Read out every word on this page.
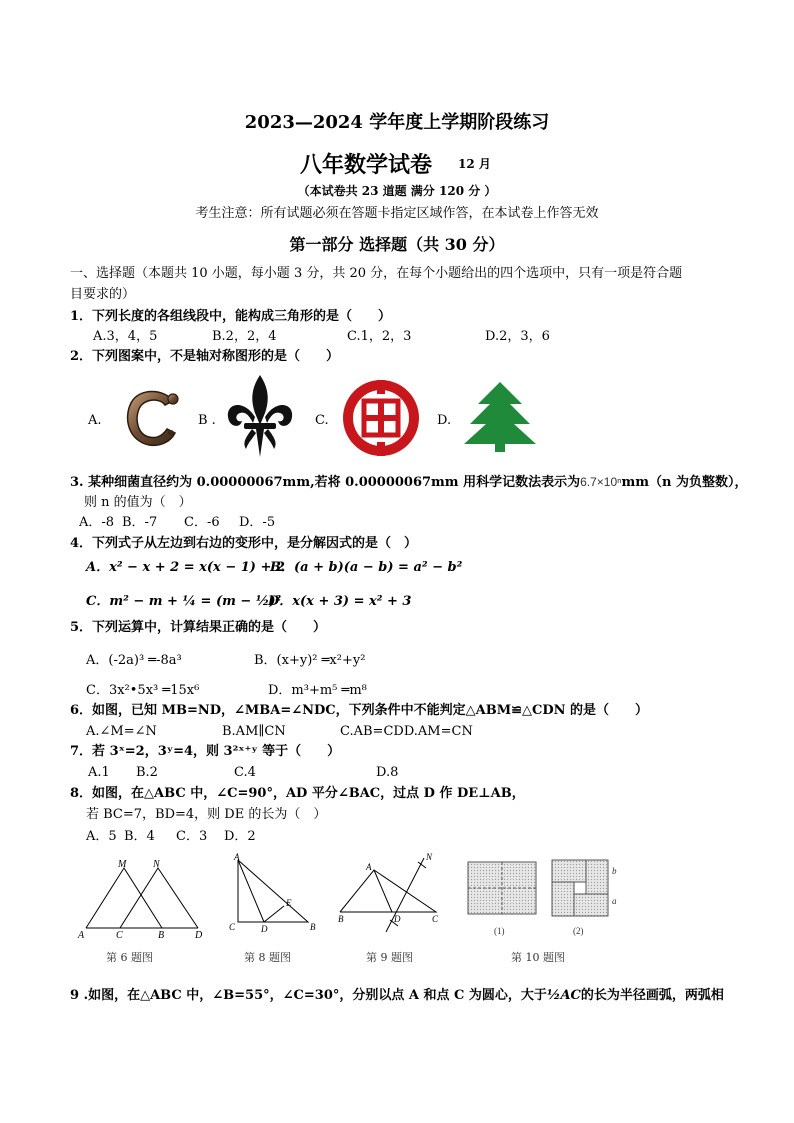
2023—2024 学年度上学期阶段练习
八年数学试卷 12 月
（本试卷共 23 道题 满分 120 分 ）
考生注意：所有试题必须在答题卡指定区域作答，在本试卷上作答无效
第一部分 选择题（共 30 分）
一、选择题（本题共 10 小题，每小题 3 分，共 20 分，在每个小题给出的四个选项中，只有一项是符合题
目要求的）
1．下列长度的各组线段中，能构成三角形的是（　　）
A.3，4，5	B.2，2，4	C.1，2，3	D.2，3，6
2．下列图案中，不是轴对称图形的是（　　）
A.	B .	C.	D.
3. 某种细菌直径约为 0.00000067mm,若将 0.00000067mm 用科学记数法表示为6.7×10ⁿmm（n 为负整数），
则 n 的值为（　）
A．-8 B．-7 C．-6 D．-5
4．下列式子从左边到右边的变形中，是分解因式的是（　）
A．x² − x + 2 = x(x − 1) + 2
B．(a + b)(a − b) = a² − b²
C．m² − m + ¼ = (m − ½)²
D．x(x + 3) = x² + 3
5．下列运算中，计算结果正确的是（　　）
A．(-2a)³ ═-8a³	B．(x+y)² ═x²+y²
C．3x²•5x³ ═15x⁶	D．m³+m⁵ ═m⁸
6．如图，已知 MB=ND，∠MBA=∠NDC，下列条件中不能判定△ABM≌△CDN 的是（　　）
A.∠M=∠N	B.AM∥CN	C.AB=CDD.AM=CN
7．若 3ˣ=2，3ʸ=4，则 3²ˣ⁺ʸ 等于（　　）
A.1 B.2	C.4	D.8
8．如图，在△ABC 中，∠C=90°，AD 平分∠BAC，过点 D 作 DE⊥AB，
若 BC=7，BD=4，则 DE 的长为（　）
A．5 B．4 C．3 D．2
M	N
A	C	B	D
A
E
C	D	B
A
N
B	D	C
b
a
(1)	(2)
第 6 题图	第 8 题图	第 9 题图	第 10 题图
9 .如图，在△ABC 中，∠B=55°，∠C=30°，分别以点 A 和点 C 为圆心，大于½AC的长为半径画弧，两弧相
